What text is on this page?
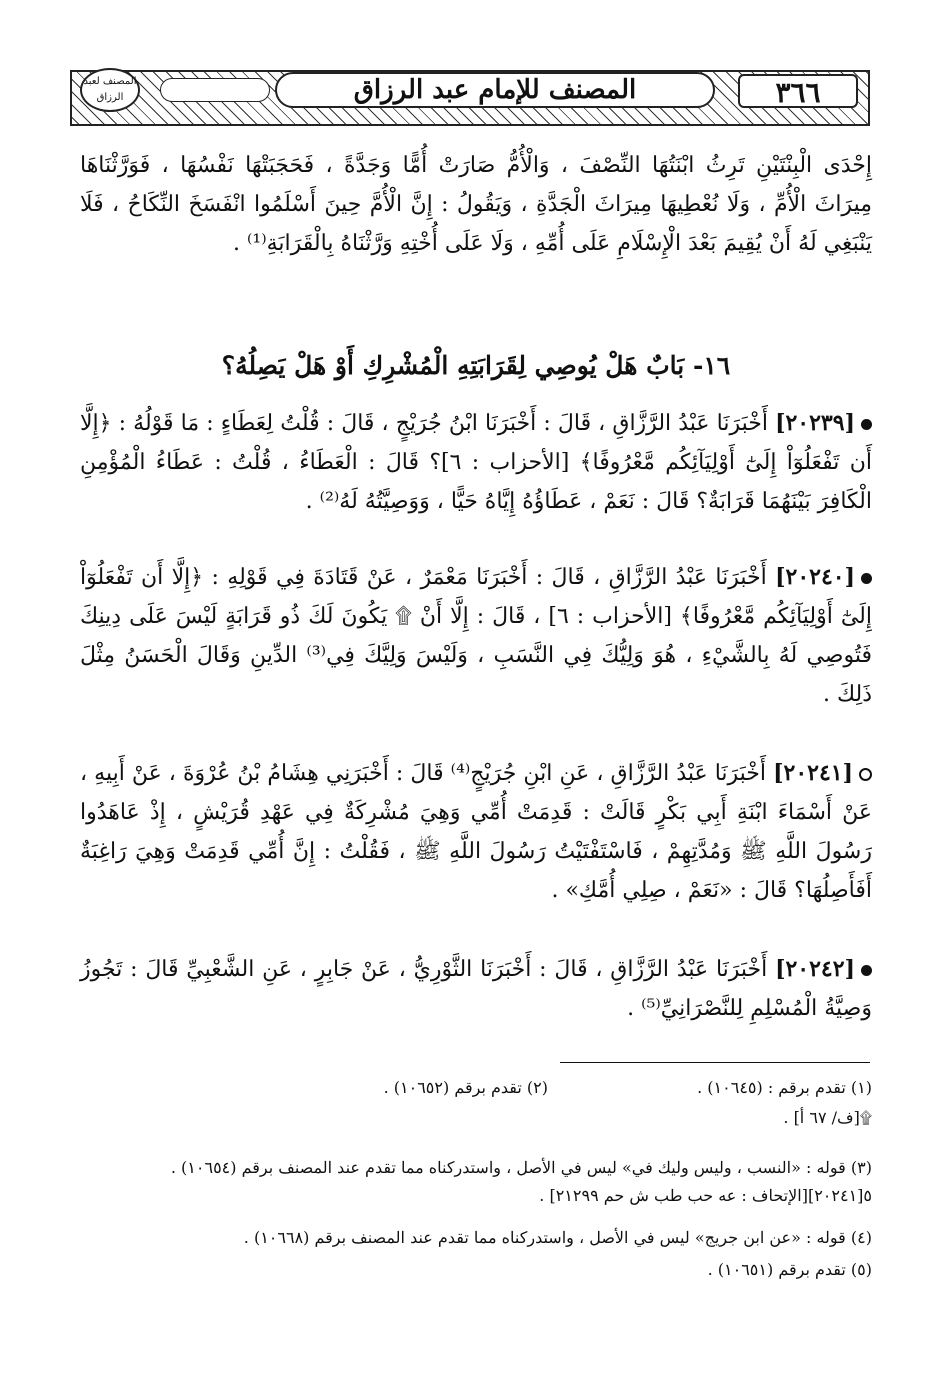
المصنف للإمام عبد الرزاق	٣٦٦
المصنف لعبد الرزاق
إِحْدَى الْبِنْتَيْنِ تَرِثُ ابْنَتُهَا النِّصْفَ ، وَالْأُمُّ صَارَتْ أُمًّا وَجَدَّةً ، فَحَجَبَتْهَا نَفْسُهَا ، فَوَرَّثْنَاهَا مِيرَاثَ الْأُمِّ ، وَلَا نُعْطِيهَا مِيرَاثَ الْجَدَّةِ ، وَيَقُولُ : إِنَّ الْأُمَّ حِينَ أَسْلَمُوا انْفَسَخَ النِّكَاحُ ، فَلَا يَنْبَغِي لَهُ أَنْ يُقِيمَ بَعْدَ الْإِسْلَامِ عَلَى أُمِّهِ ، وَلَا عَلَى أُخْتِهِ وَرَّثْنَاهُ بِالْقَرَابَةِ⁽¹⁾ .
١٦- بَابٌ هَلْ يُوصِي لِقَرَابَتِهِ الْمُشْرِكِ أَوْ هَلْ يَصِلُهُ؟
[٢٠٢٣٩] أَخْبَرَنَا عَبْدُ الرَّزَّاقِ ، قَالَ : أَخْبَرَنَا ابْنُ جُرَيْجٍ ، قَالَ : قُلْتُ لِعَطَاءٍ : مَا قَوْلُهُ : ﴿إِلَّا أَن تَفْعَلُوٓاْ إِلَىٰٓ أَوْلِيَآئِكُم مَّعْرُوفًا﴾ [الأحزاب : ٦]؟ قَالَ : الْعَطَاءُ ، قُلْتُ : عَطَاءُ الْمُؤْمِنِ الْكَافِرَ بَيْنَهُمَا قَرَابَةٌ؟ قَالَ : نَعَمْ ، عَطَاؤُهُ إِيَّاهُ حَيًّا ، وَوَصِيَّتُهُ لَهُ⁽²⁾ .
[٢٠٢٤٠] أَخْبَرَنَا عَبْدُ الرَّزَّاقِ ، قَالَ : أَخْبَرَنَا مَعْمَرٌ ، عَنْ قَتَادَةَ فِي قَوْلِهِ : ﴿إِلَّا أَن تَفْعَلُوٓاْ إِلَىٰٓ أَوْلِيَآئِكُم مَّعْرُوفًا﴾ [الأحزاب : ٦] ، قَالَ : إِلَّا أَنْ ۩ يَكُونَ لَكَ ذُو قَرَابَةٍ لَيْسَ عَلَى دِينِكَ فَتُوصِي لَهُ بِالشَّيْءِ ، هُوَ وَلِيُّكَ فِي النَّسَبِ ، وَلَيْسَ وَلِيَّكَ فِي⁽³⁾ الدِّينِ وَقَالَ الْحَسَنُ مِثْلَ ذَلِكَ .
[٢٠٢٤١] أَخْبَرَنَا عَبْدُ الرَّزَّاقِ ، عَنِ ابْنِ جُرَيْجٍ⁽⁴⁾ قَالَ : أَخْبَرَنِي هِشَامُ بْنُ عُرْوَةَ ، عَنْ أَبِيهِ ، عَنْ أَسْمَاءَ ابْنَةِ أَبِي بَكْرٍ قَالَتْ : قَدِمَتْ أُمِّي وَهِيَ مُشْرِكَةٌ فِي عَهْدِ قُرَيْشٍ ، إِذْ عَاهَدُوا رَسُولَ اللَّهِ ﷺ وَمُدَّتِهِمْ ، فَاسْتَفْتَيْتُ رَسُولَ اللَّهِ ﷺ ، فَقُلْتُ : إِنَّ أُمِّي قَدِمَتْ وَهِيَ رَاغِبَةٌ أَفَأَصِلُهَا؟ قَالَ : «نَعَمْ ، صِلِي أُمَّكِ» .
[٢٠٢٤٢] أَخْبَرَنَا عَبْدُ الرَّزَّاقِ ، قَالَ : أَخْبَرَنَا الثَّوْرِيُّ ، عَنْ جَابِرٍ ، عَنِ الشَّعْبِيِّ قَالَ : تَجُوزُ وَصِيَّةُ الْمُسْلِمِ لِلنَّصْرَانِيِّ⁽⁵⁾ .
(١) تقدم برقم : (١٠٦٤٥) .
(٢) تقدم برقم (١٠٦٥٢) .
۩[ف/ ٦٧ أ] .
(٣) قوله : «النسب ، وليس وليك في» ليس في الأصل ، واستدركناه مما تقدم عند المصنف برقم (١٠٦٥٤) .
٥[٢٠٢٤١][الإتحاف : عه حب طب ش حم ٢١٢٩٩] .
(٤) قوله : «عن ابن جريج» ليس في الأصل ، واستدركناه مما تقدم عند المصنف برقم (١٠٦٦٨) .
(٥) تقدم برقم (١٠٦٥١) .
